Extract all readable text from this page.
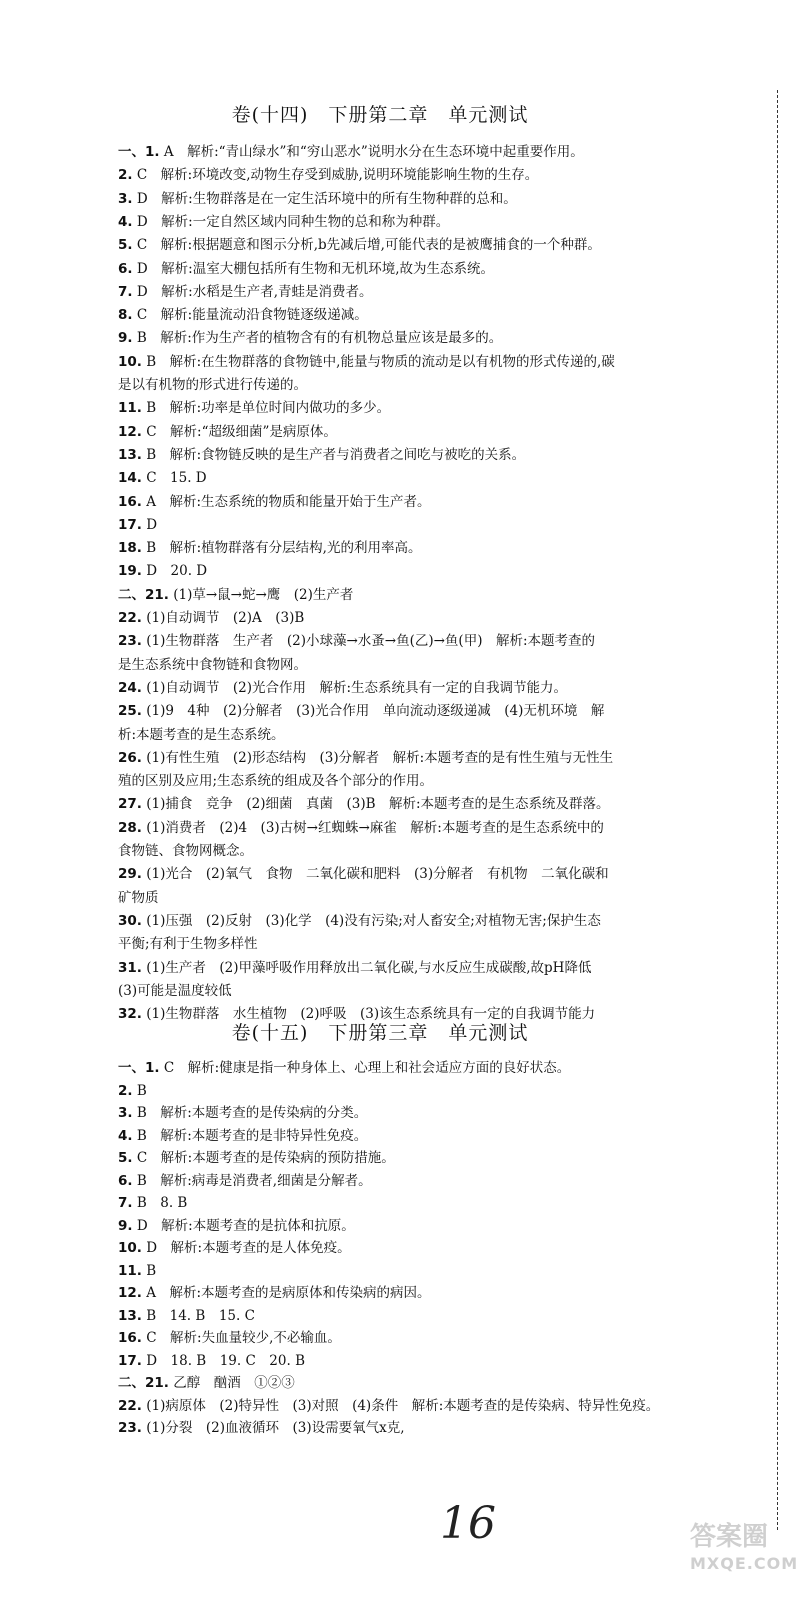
卷(十四)　下册第二章　单元测试
一、1. A　解析:“青山绿水”和“穷山恶水”说明水分在生态环境中起重要作用。
2. C　解析:环境改变,动物生存受到威胁,说明环境能影响生物的生存。
3. D　解析:生物群落是在一定生活环境中的所有生物种群的总和。
4. D　解析:一定自然区域内同种生物的总和称为种群。
5. C　解析:根据题意和图示分析,b先减后增,可能代表的是被鹰捕食的一个种群。
6. D　解析:温室大棚包括所有生物和无机环境,故为生态系统。
7. D　解析:水稻是生产者,青蛙是消费者。
8. C　解析:能量流动沿食物链逐级递减。
9. B　解析:作为生产者的植物含有的有机物总量应该是最多的。
10. B　解析:在生物群落的食物链中,能量与物质的流动是以有机物的形式传递的,碳
是以有机物的形式进行传递的。
11. B　解析:功率是单位时间内做功的多少。
12. C　解析:“超级细菌”是病原体。
13. B　解析:食物链反映的是生产者与消费者之间吃与被吃的关系。
14. C　15. D
16. A　解析:生态系统的物质和能量开始于生产者。
17. D
18. B　解析:植物群落有分层结构,光的利用率高。
19. D　20. D
二、21. (1)草→鼠→蛇→鹰　(2)生产者
22. (1)自动调节　(2)A　(3)B
23. (1)生物群落　生产者　(2)小球藻→水蚤→鱼(乙)→鱼(甲)　解析:本题考查的
是生态系统中食物链和食物网。
24. (1)自动调节　(2)光合作用　解析:生态系统具有一定的自我调节能力。
25. (1)9　4种　(2)分解者　(3)光合作用　单向流动逐级递减　(4)无机环境　解
析:本题考查的是生态系统。
26. (1)有性生殖　(2)形态结构　(3)分解者　解析:本题考查的是有性生殖与无性生
殖的区别及应用;生态系统的组成及各个部分的作用。
27. (1)捕食　竞争　(2)细菌　真菌　(3)B　解析:本题考查的是生态系统及群落。
28. (1)消费者　(2)4　(3)古树→红蜘蛛→麻雀　解析:本题考查的是生态系统中的
食物链、食物网概念。
29. (1)光合　(2)氧气　食物　二氧化碳和肥料　(3)分解者　有机物　二氧化碳和
矿物质
30. (1)压强　(2)反射　(3)化学　(4)没有污染;对人畜安全;对植物无害;保护生态
平衡;有利于生物多样性
31. (1)生产者　(2)甲藻呼吸作用释放出二氧化碳,与水反应生成碳酸,故pH降低
(3)可能是温度较低
32. (1)生物群落　水生植物　(2)呼吸　(3)该生态系统具有一定的自我调节能力
卷(十五)　下册第三章　单元测试
一、1. C　解析:健康是指一种身体上、心理上和社会适应方面的良好状态。
2. B
3. B　解析:本题考查的是传染病的分类。
4. B　解析:本题考查的是非特异性免疫。
5. C　解析:本题考查的是传染病的预防措施。
6. B　解析:病毒是消费者,细菌是分解者。
7. B　8. B
9. D　解析:本题考查的是抗体和抗原。
10. D　解析:本题考查的是人体免疫。
11. B
12. A　解析:本题考查的是病原体和传染病的病因。
13. B　14. B　15. C
16. C　解析:失血量较少,不必输血。
17. D　18. B　19. C　20. B
二、21. 乙醇　酗酒　①②③
22. (1)病原体　(2)特异性　(3)对照　(4)条件　解析:本题考查的是传染病、特异性免疫。
23. (1)分裂　(2)血液循环　(3)设需要氧气x克,
16	答案圈
MXQE.COM
